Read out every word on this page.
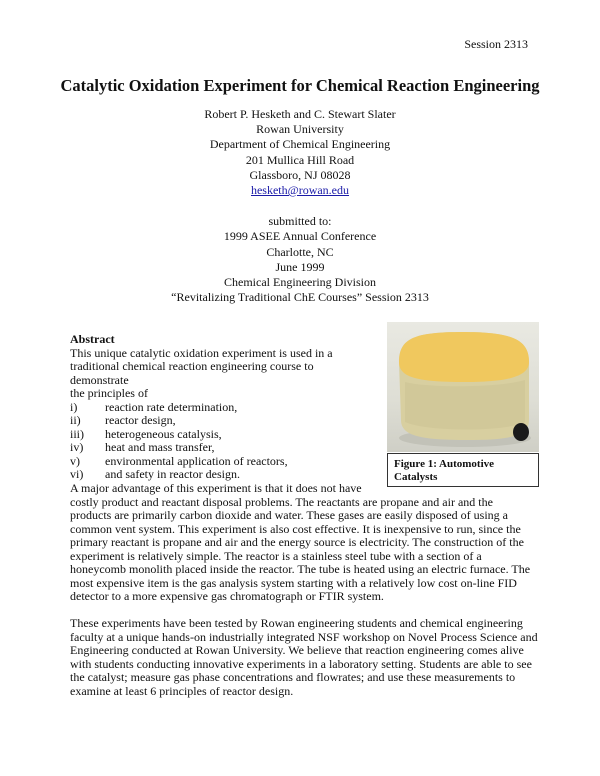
Session 2313
Catalytic Oxidation Experiment for Chemical Reaction Engineering
Robert P. Hesketh and C. Stewart Slater
Rowan University
Department of Chemical Engineering
201 Mullica Hill Road
Glassboro, NJ 08028
hesketh@rowan.edu
submitted to:
1999 ASEE Annual Conference
Charlotte, NC
June 1999
Chemical Engineering Division
“Revitalizing Traditional ChE Courses” Session 2313
Figure 1: Automotive
Catalysts
Abstract
This unique catalytic oxidation experiment is used in a
traditional chemical reaction engineering course to demonstrate
the principles of
i)	reaction rate determination,
ii)	reactor design,
iii)	heterogeneous catalysis,
iv)	heat and mass transfer,
v)	environmental application of reactors,
vi)	and safety in reactor design.
A major advantage of this experiment is that it does not have
costly product and reactant disposal problems. The reactants are propane and air and the
products are primarily carbon dioxide and water. These gases are easily disposed of using a
common vent system. This experiment is also cost effective. It is inexpensive to run, since the
primary reactant is propane and air and the energy source is electricity. The construction of the
experiment is relatively simple. The reactor is a stainless steel tube with a section of a
honeycomb monolith placed inside the reactor. The tube is heated using an electric furnace. The
most expensive item is the gas analysis system starting with a relatively low cost on-line FID
detector to a more expensive gas chromatograph or FTIR system.
These experiments have been tested by Rowan engineering students and chemical engineering
faculty at a unique hands-on industrially integrated NSF workshop on Novel Process Science and
Engineering conducted at Rowan University. We believe that reaction engineering comes alive
with students conducting innovative experiments in a laboratory setting. Students are able to see
the catalyst; measure gas phase concentrations and flowrates; and use these measurements to
examine at least 6 principles of reactor design.
